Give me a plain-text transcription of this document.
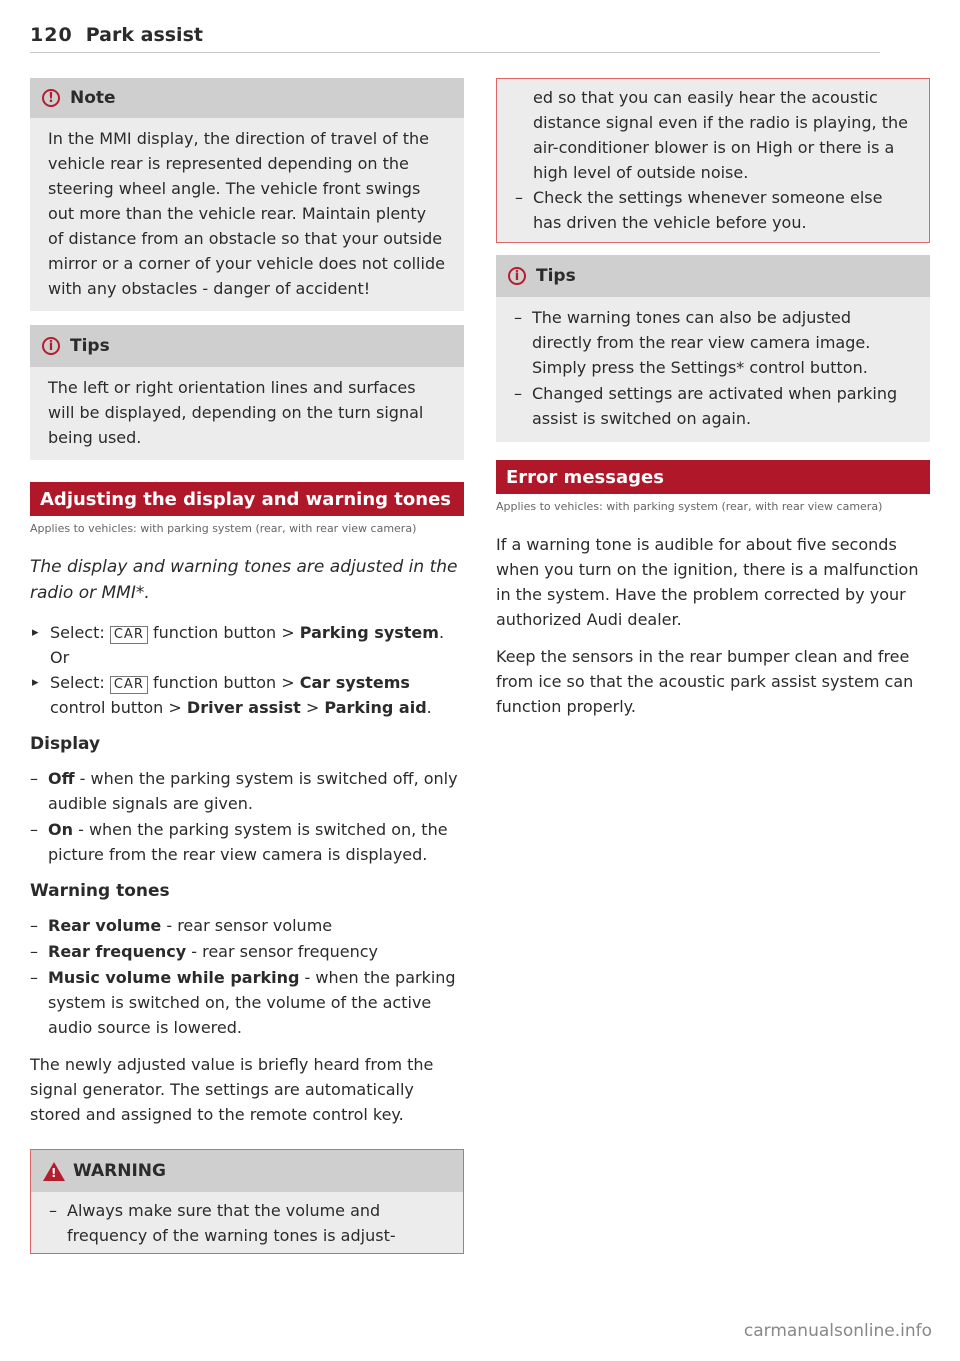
120 Park assist
! Note

In the MMI display, the direction of travel of the vehicle rear is represented depending on the steering wheel angle. The vehicle front swings out more than the vehicle rear. Maintain plenty of distance from an obstacle so that your outside mirror or a corner of your vehicle does not collide with any obstacles - danger of accident!

i Tips

The left or right orientation lines and surfaces will be displayed, depending on the turn signal being used.

Adjusting the display and warning tones
Applies to vehicles: with parking system (rear, with rear view camera)
The display and warning tones are adjusted in the radio or MMI*.
▸ Select: CAR function button > Parking system. Or
▸ Select: CAR function button > Car systems control button > Driver assist > Parking aid.
Display
– Off - when the parking system is switched off, only audible signals are given.
– On - when the parking system is switched on, the picture from the rear view camera is displayed.
Warning tones
– Rear volume - rear sensor volume
– Rear frequency - rear sensor frequency
– Music volume while parking - when the parking system is switched on, the volume of the active audio source is lowered.

The newly adjusted value is briefly heard from the signal generator. The settings are automatically stored and assigned to the remote control key.

! WARNING
– Always make sure that the volume and frequency of the warning tones is adjust-

ed so that you can easily hear the acoustic distance signal even if the radio is playing, the air-conditioner blower is on High or there is a high level of outside noise.

– Check the settings whenever someone else has driven the vehicle before you.
i Tips
– The warning tones can also be adjusted directly from the rear view camera image. Simply press the Settings* control button.
– Changed settings are activated when parking assist is switched on again.
Error messages
Applies to vehicles: with parking system (rear, with rear view camera)

If a warning tone is audible for about five seconds when you turn on the ignition, there is a malfunction in the system. Have the problem corrected by your authorized Audi dealer.

Keep the sensors in the rear bumper clean and free from ice so that the acoustic park assist system can function properly.

carmanualsonline.info
